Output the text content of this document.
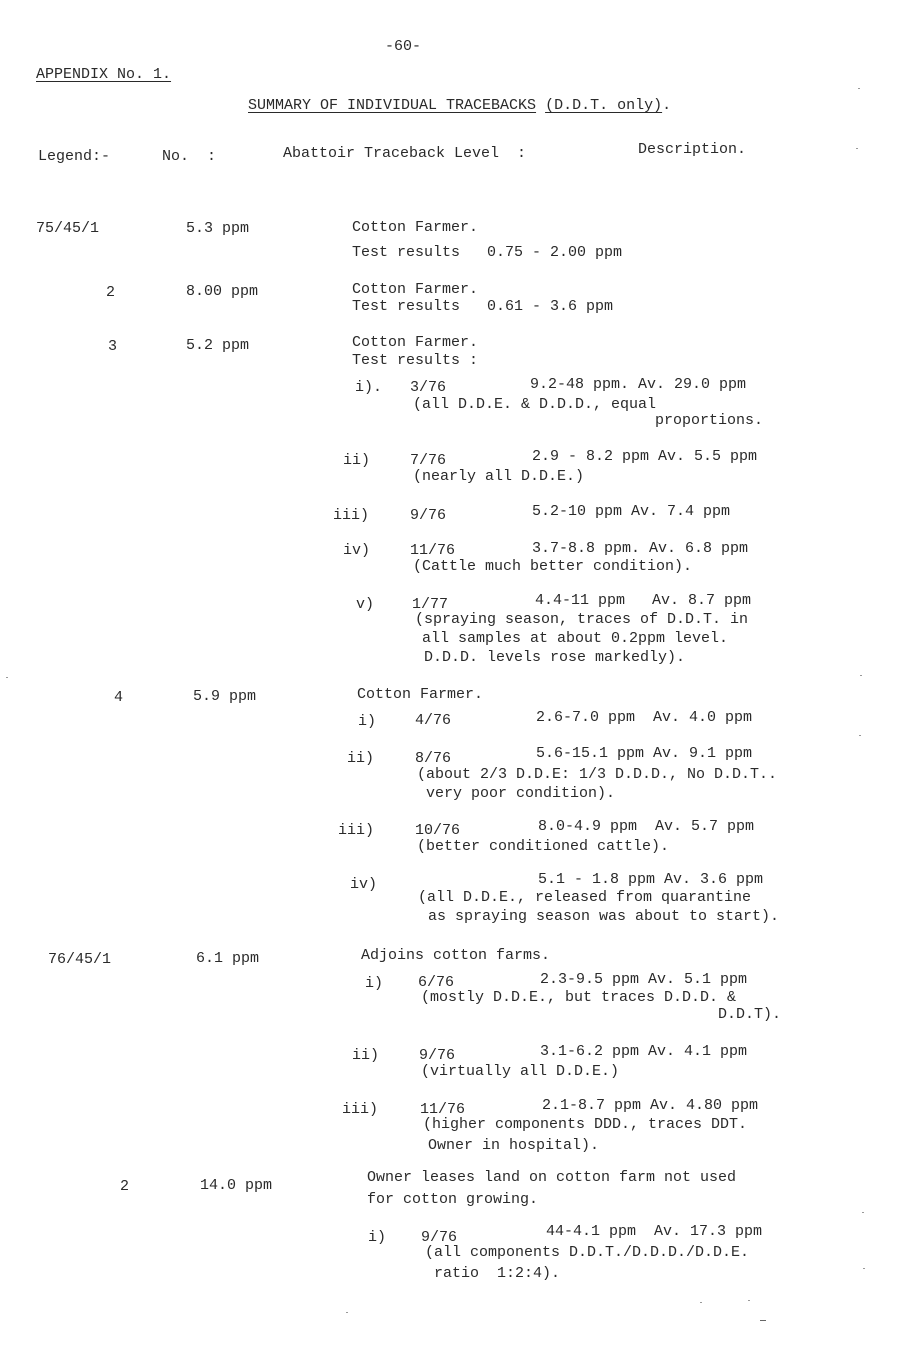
-60-
APPENDIX No. 1.
SUMMARY OF INDIVIDUAL TRACEBACKS (D.D.T. only).
Legend:-	No.  :	Abattoir Traceback Level  :	Description.
75/45/1	5.3 ppm	Cotton Farmer.
Test results   0.75 - 2.00 ppm
2	8.00 ppm	Cotton Farmer.
Test results   0.61 - 3.6 ppm
3	5.2 ppm	Cotton Farmer.
Test results :
i). 3/76	9.2-48 ppm. Av. 29.0 ppm
(all D.D.E. & D.D.D., equal
proportions.
ii)	7/76	2.9 - 8.2 ppm Av. 5.5 ppm
(nearly all D.D.E.)
iii)	9/76	5.2-10 ppm Av. 7.4 ppm
iv)	11/76	3.7-8.8 ppm. Av. 6.8 ppm
(Cattle much better condition).
v)	1/77	4.4-11 ppm   Av. 8.7 ppm
(spraying season, traces of D.D.T. in
all samples at about 0.2ppm level.
D.D.D. levels rose markedly).
4	5.9 ppm	Cotton Farmer.
i)	4/76	2.6-7.0 ppm  Av. 4.0 ppm
ii)	8/76	5.6-15.1 ppm Av. 9.1 ppm
(about 2/3 D.D.E: 1/3 D.D.D., No D.D.T..
very poor condition).
iii)	10/76	8.0-4.9 ppm  Av. 5.7 ppm
(better conditioned cattle).
iv)	5.1 - 1.8 ppm Av. 3.6 ppm
(all D.D.E., released from quarantine
as spraying season was about to start).
76/45/1	6.1 ppm	Adjoins cotton farms.
i) 6/76	2.3-9.5 ppm Av. 5.1 ppm
(mostly D.D.E., but traces D.D.D. &
D.D.T).
ii)	9/76	3.1-6.2 ppm Av. 4.1 ppm
(virtually all D.D.E.)
iii)	11/76	2.1-8.7 ppm Av. 4.80 ppm
(higher components DDD., traces DDT.
Owner in hospital).
2	14.0 ppm	Owner leases land on cotton farm not used
for cotton growing.
i) 9/76	44-4.1 ppm  Av. 17.3 ppm
(all components D.D.T./D.D.D./D.D.E.
ratio  1:2:4).
